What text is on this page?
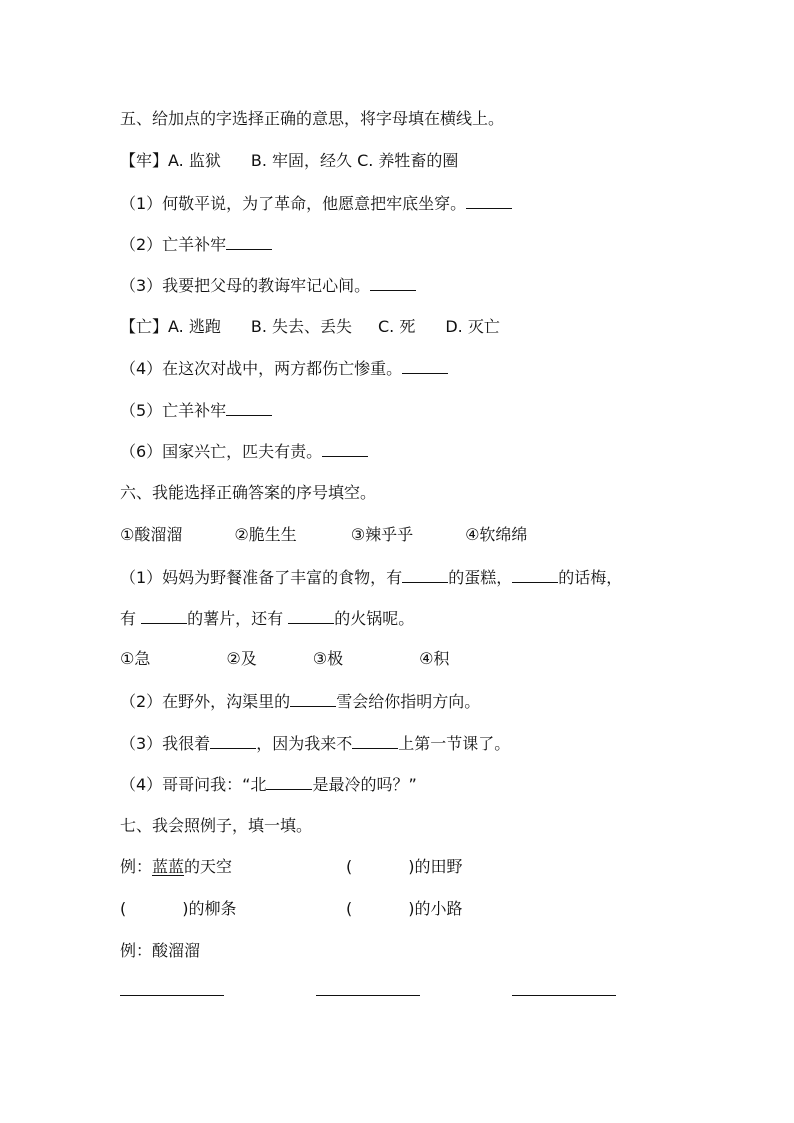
五、给加点的字选择正确的意思，将字母填在横线上。
【牢】A. 监狱 B. 牢固，经久 C. 养牲畜的圈
（1）何敬平说，为了革命，他愿意把牢底坐穿。
（2）亡羊补牢
（3）我要把父母的教诲牢记心间。
【亡】A. 逃跑 B. 失去、丢失 C. 死 D. 灭亡
（4）在这次对战中，两方都伤亡惨重。
（5）亡羊补牢
（6）国家兴亡，匹夫有责。
六、我能选择正确答案的序号填空。
①酸溜溜	②脆生生	③辣乎乎	④软绵绵
（1）妈妈为野餐准备了丰富的食物，有	的蛋糕，	的话梅，
有	的薯片，还有	的火锅呢。
①急	②及	③极	④积
（2）在野外，沟渠里的	雪会给你指明方向。
（3）我很着	，因为我来不	上第一节课了。
（4）哥哥问我：“北	是最冷的吗？”
七、我会照例子，填一填。
例：蓝蓝的天空	(	)的田野
(	)的柳条	(	)的小路
例：酸溜溜
